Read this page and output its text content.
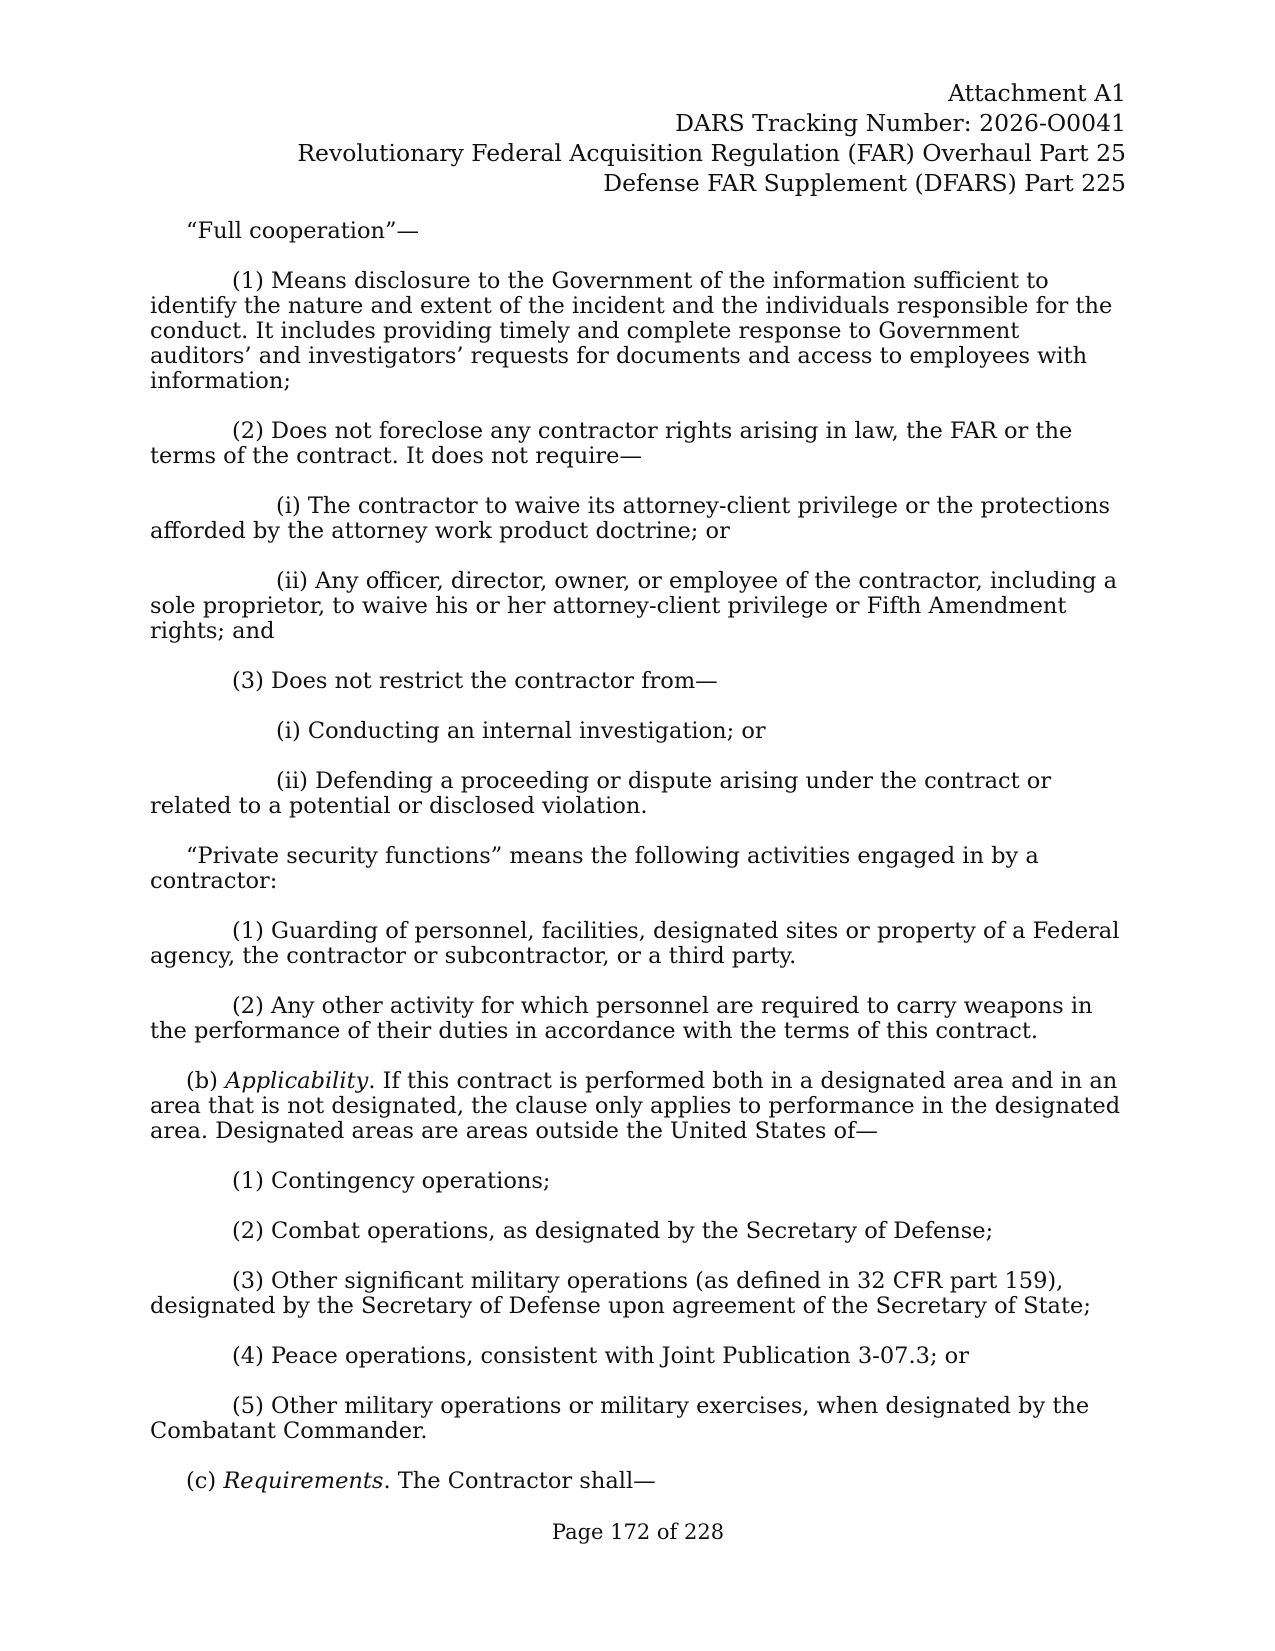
Attachment A1
DARS Tracking Number: 2026-O0041
Revolutionary Federal Acquisition Regulation (FAR) Overhaul Part 25
Defense FAR Supplement (DFARS) Part 225

“Full cooperation”—

(1) Means disclosure to the Government of the information sufficient to identify the nature and extent of the incident and the individuals responsible for the conduct. It includes providing timely and complete response to Government auditors’ and investigators’ requests for documents and access to employees with information;

(2) Does not foreclose any contractor rights arising in law, the FAR or the terms of the contract. It does not require—

(i) The contractor to waive its attorney-client privilege or the protections afforded by the attorney work product doctrine; or

(ii) Any officer, director, owner, or employee of the contractor, including a sole proprietor, to waive his or her attorney-client privilege or Fifth Amendment rights; and

(3) Does not restrict the contractor from—

(i) Conducting an internal investigation; or

(ii) Defending a proceeding or dispute arising under the contract or related to a potential or disclosed violation.

“Private security functions” means the following activities engaged in by a contractor:

(1) Guarding of personnel, facilities, designated sites or property of a Federal agency, the contractor or subcontractor, or a third party.

(2) Any other activity for which personnel are required to carry weapons in the performance of their duties in accordance with the terms of this contract.

(b) Applicability. If this contract is performed both in a designated area and in an area that is not designated, the clause only applies to performance in the designated area. Designated areas are areas outside the United States of—

(1) Contingency operations;

(2) Combat operations, as designated by the Secretary of Defense;

(3) Other significant military operations (as defined in 32 CFR part 159), designated by the Secretary of Defense upon agreement of the Secretary of State;

(4) Peace operations, consistent with Joint Publication 3-07.3; or

(5) Other military operations or military exercises, when designated by the Combatant Commander.

(c) Requirements. The Contractor shall—

Page 172 of 228
